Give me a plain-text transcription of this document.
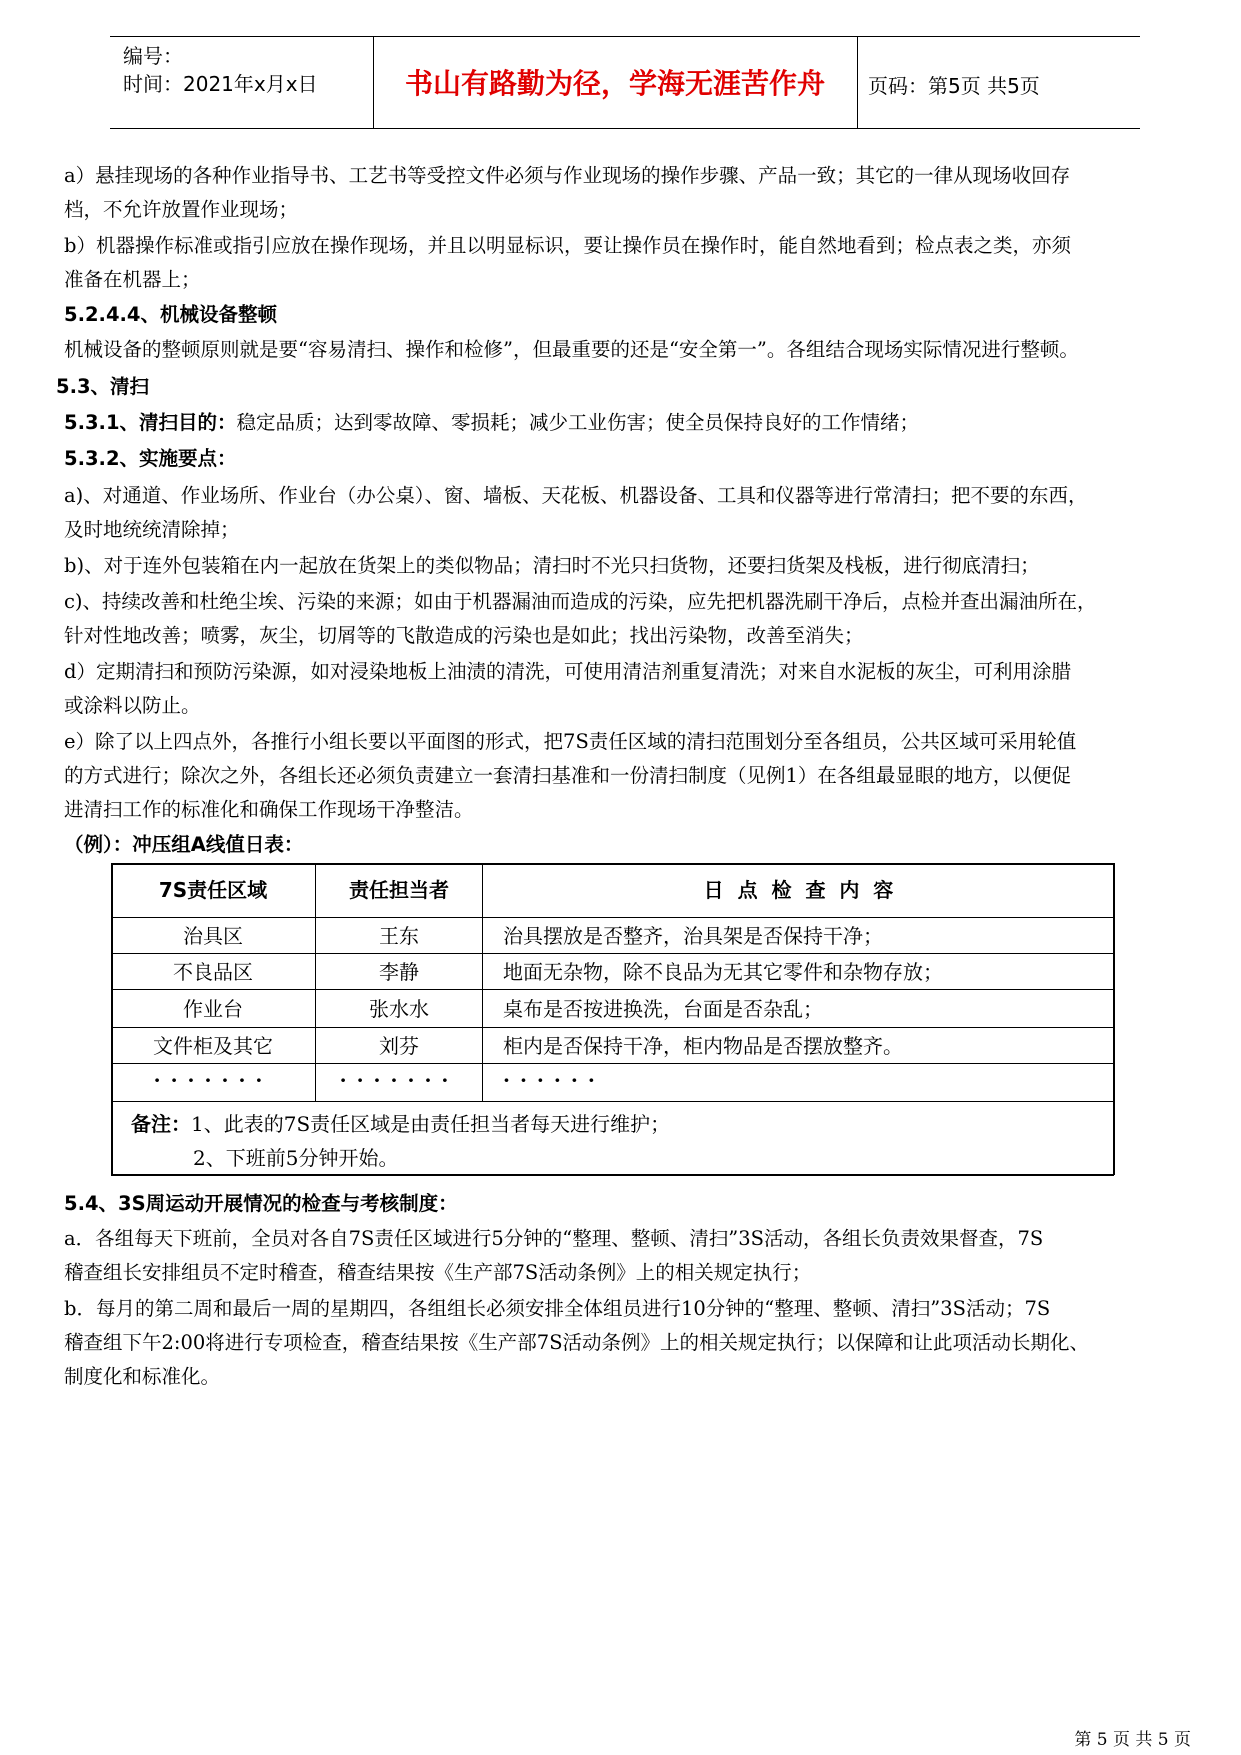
编号：
时间：2021年x月x日	书山有路勤为径，学海无涯苦作舟	页码：第5页 共5页
a）悬挂现场的各种作业指导书、工艺书等受控文件必须与作业现场的操作步骤、产品一致；其它的一律从现场收回存
档，不允许放置作业现场；
b）机器操作标准或指引应放在操作现场，并且以明显标识，要让操作员在操作时，能自然地看到；检点表之类，亦须
准备在机器上；
5.2.4.4、机械设备整顿
机械设备的整顿原则就是要“容易清扫、操作和检修”，但最重要的还是“安全第一”。各组结合现场实际情况进行整顿。
5.3、清扫
5.3.1、清扫目的：稳定品质；达到零故障、零损耗；减少工业伤害；使全员保持良好的工作情绪；
5.3.2、实施要点：
a)、对通道、作业场所、作业台（办公桌）、窗、墙板、天花板、机器设备、工具和仪器等进行常清扫；把不要的东西，
及时地统统清除掉；
b)、对于连外包装箱在内一起放在货架上的类似物品；清扫时不光只扫货物，还要扫货架及栈板，进行彻底清扫；
c)、持续改善和杜绝尘埃、污染的来源；如由于机器漏油而造成的污染，应先把机器洗刷干净后，点检并查出漏油所在，
针对性地改善；喷雾，灰尘，切屑等的飞散造成的污染也是如此；找出污染物，改善至消失；
d）定期清扫和预防污染源，如对浸染地板上油渍的清洗，可使用清洁剂重复清洗；对来自水泥板的灰尘，可利用涂腊
或涂料以防止。
e）除了以上四点外，各推行小组长要以平面图的形式，把7S责任区域的清扫范围划分至各组员，公共区域可采用轮值
的方式进行；除次之外，各组长还必须负责建立一套清扫基准和一份清扫制度（见例1）在各组最显眼的地方，以便促
进清扫工作的标准化和确保工作现场干净整洁。
（例）：冲压组A线值日表：
7S责任区域	责任担当者	日  点  检  查  内  容
治具区	王东	治具摆放是否整齐，治具架是否保持干净；
不良品区	李静	地面无杂物，除不良品为无其它零件和杂物存放；
作业台	张水水	桌布是否按进换洗，台面是否杂乱；
文件柜及其它	刘芬	柜内是否保持干净，柜内物品是否摆放整齐。
·······	·······	······
备注：1、此表的7S责任区域是由责任担当者每天进行维护；
2、下班前5分钟开始。
5.4、3S周运动开展情况的检查与考核制度：
a．各组每天下班前，全员对各自7S责任区域进行5分钟的“整理、整顿、清扫”3S活动，各组长负责效果督查，7S
稽查组长安排组员不定时稽查，稽查结果按《生产部7S活动条例》上的相关规定执行；
b．每月的第二周和最后一周的星期四，各组组长必须安排全体组员进行10分钟的“整理、整顿、清扫”3S活动；7S
稽查组下午2:00将进行专项检查，稽查结果按《生产部7S活动条例》上的相关规定执行；以保障和让此项活动长期化、
制度化和标准化。
第 5 页 共 5 页
